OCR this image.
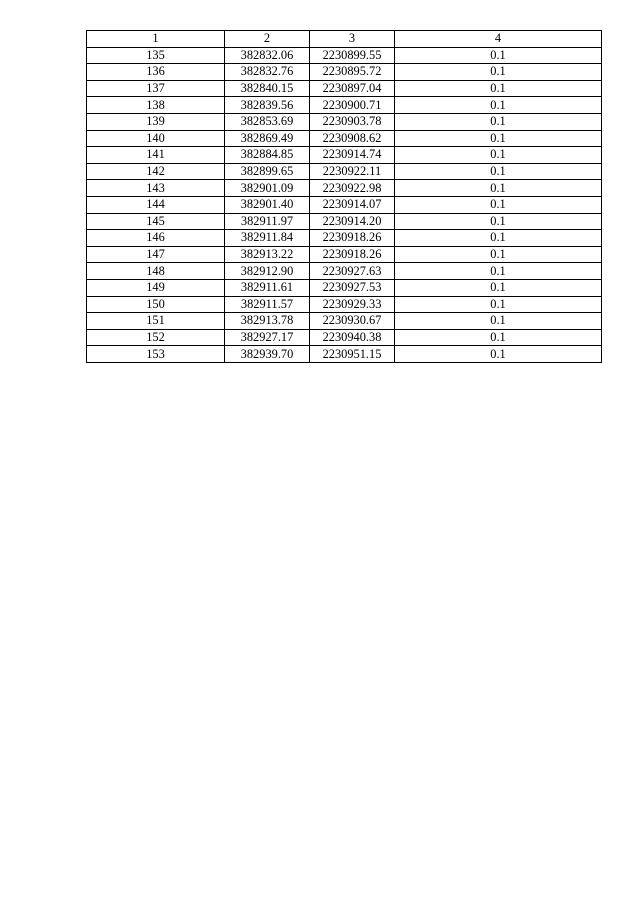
1	2	3	4
135	382832.06	2230899.55	0.1
136	382832.76	2230895.72	0.1
137	382840.15	2230897.04	0.1
138	382839.56	2230900.71	0.1
139	382853.69	2230903.78	0.1
140	382869.49	2230908.62	0.1
141	382884.85	2230914.74	0.1
142	382899.65	2230922.11	0.1
143	382901.09	2230922.98	0.1
144	382901.40	2230914.07	0.1
145	382911.97	2230914.20	0.1
146	382911.84	2230918.26	0.1
147	382913.22	2230918.26	0.1
148	382912.90	2230927.63	0.1
149	382911.61	2230927.53	0.1
150	382911.57	2230929.33	0.1
151	382913.78	2230930.67	0.1
152	382927.17	2230940.38	0.1
153	382939.70	2230951.15	0.1
